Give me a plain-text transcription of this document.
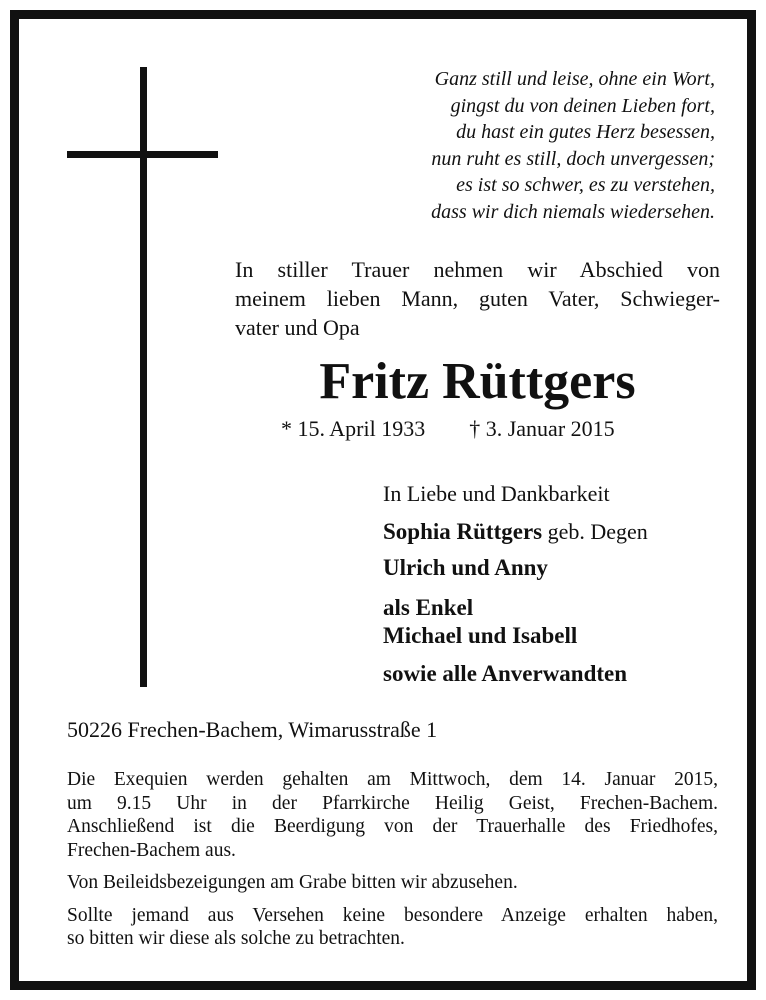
Ganz still und leise, ohne ein Wort,
gingst du von deinen Lieben fort,
du hast ein gutes Herz besessen,
nun ruht es still, doch unvergessen;
es ist so schwer, es zu verstehen,
dass wir dich niemals wiedersehen.
In stiller Trauer nehmen wir Abschied von
meinem lieben Mann, guten Vater, Schwieger-
vater und Opa
Fritz Rüttgers
* 15. April 1933 † 3. Januar 2015
In Liebe und Dankbarkeit
Sophia Rüttgers geb. Degen
Ulrich und Anny
als Enkel
Michael und Isabell
sowie alle Anverwandten
50226 Frechen-Bachem, Wimarusstraße 1

Die Exequien werden gehalten am Mittwoch, dem 14. Januar 2015,
um 9.15 Uhr in der Pfarrkirche Heilig Geist, Frechen-Bachem.
Anschließend ist die Beerdigung von der Trauerhalle des Friedhofes,
Frechen-Bachem aus.

Von Beileidsbezeigungen am Grabe bitten wir abzusehen.

Sollte jemand aus Versehen keine besondere Anzeige erhalten haben,
so bitten wir diese als solche zu betrachten.
